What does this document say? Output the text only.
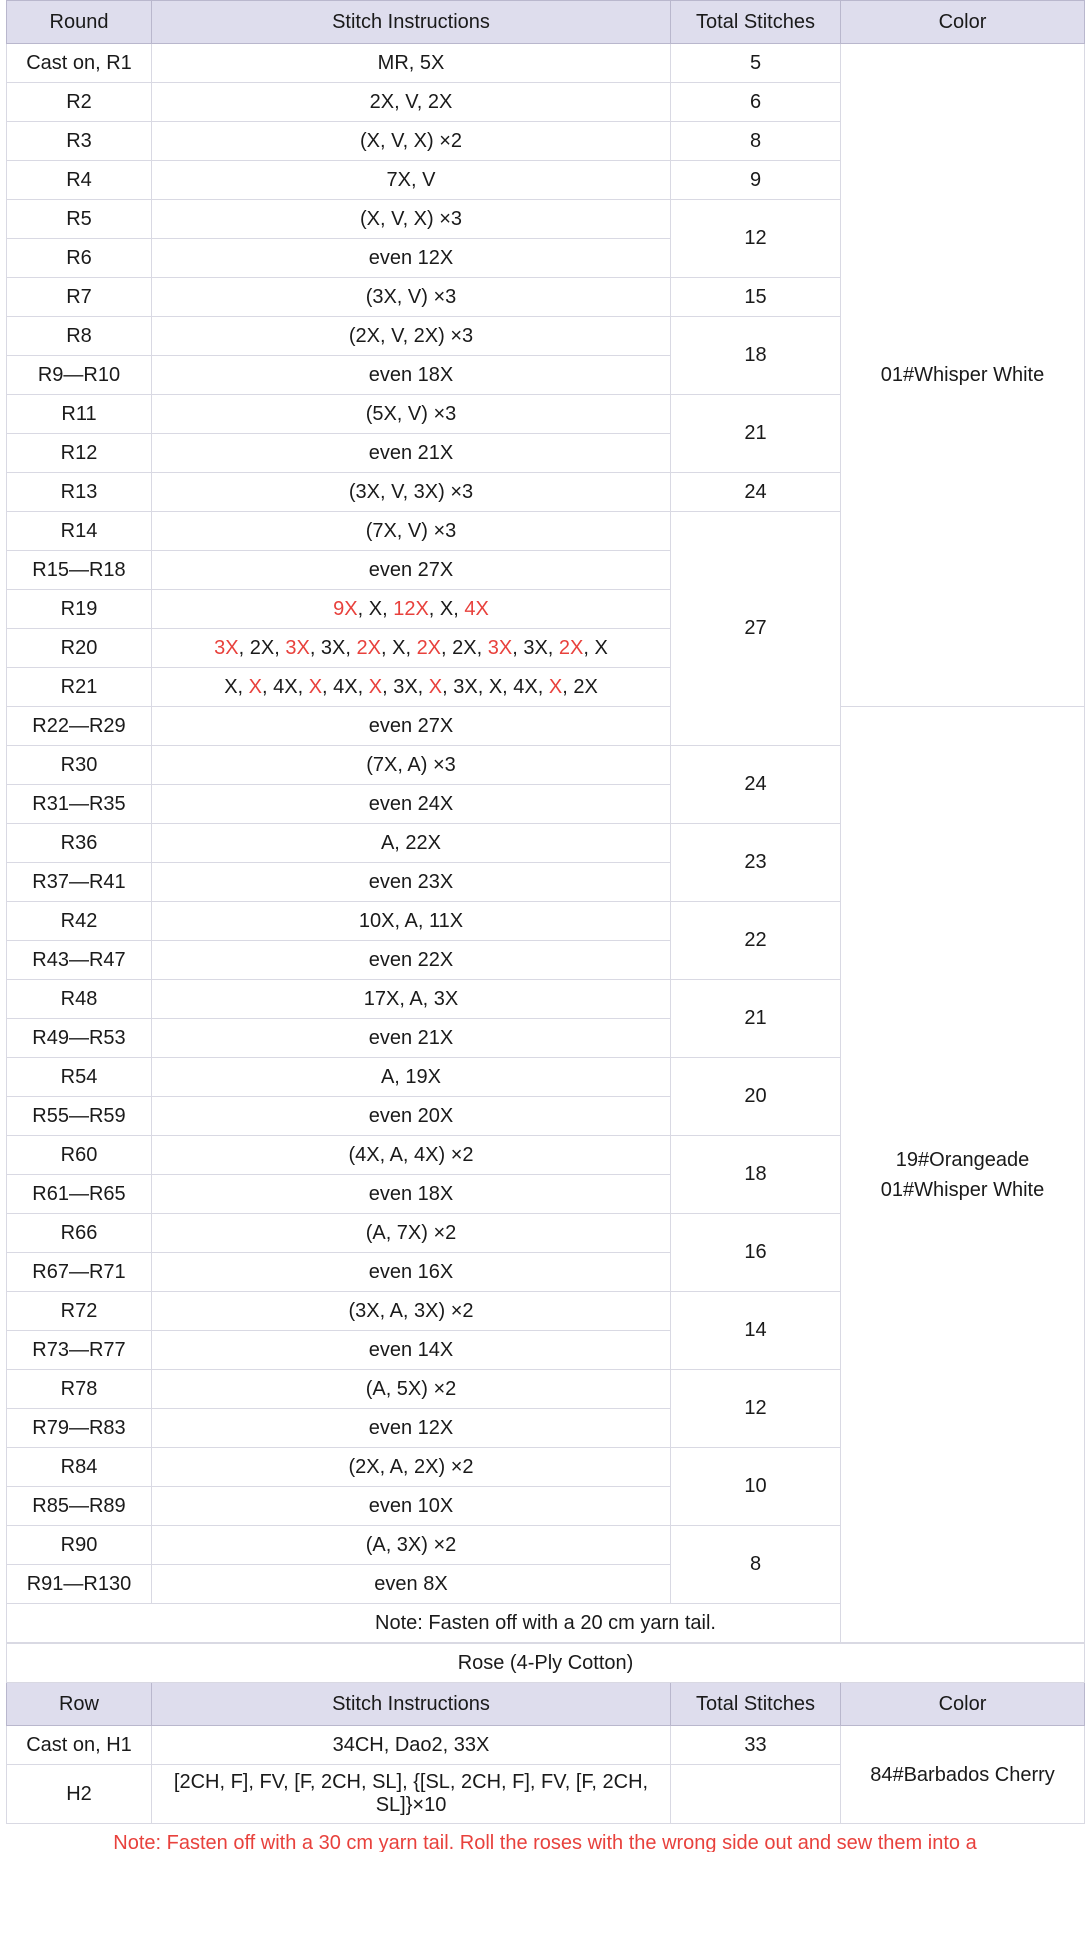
Round	Stitch Instructions	Total Stitches	Color
Cast on, R1	MR, 5X	5	01#Whisper White
R2	2X, V, 2X	6	
R3	(X, V, X) ×2	8	
R4	7X, V	9	
R5	(X, V, X) ×3	12	
R6	even 12X		
R7	(3X, V) ×3	15	
R8	(2X, V, 2X) ×3	18	
R9—R10	even 18X		
R11	(5X, V) ×3	21	
R12	even 21X		
R13	(3X, V, 3X) ×3	24	
R14	(7X, V) ×3	27	
R15—R18	even 27X		
R19	9X, X, 12X, X, 4X		
R20	3X, 2X, 3X, 3X, 2X, X, 2X, 2X, 3X, 3X, 2X, X		
R21	X, X, 4X, X, 4X, X, 3X, X, 3X, X, 4X, X, 2X		
R22—R29	even 27X		19#Orangeade
01#Whisper White
R30	(7X, A) ×3	24	
R31—R35	even 24X		
R36	A, 22X	23	
R37—R41	even 23X		
R42	10X, A, 11X	22	
R43—R47	even 22X		
R48	17X, A, 3X	21	
R49—R53	even 21X		
R54	A, 19X	20	
R55—R59	even 20X		
R60	(4X, A, 4X) ×2	18	
R61—R65	even 18X		
R66	(A, 7X) ×2	16	
R67—R71	even 16X		
R72	(3X, A, 3X) ×2	14	
R73—R77	even 14X		
R78	(A, 5X) ×2	12	
R79—R83	even 12X		
R84	(2X, A, 2X) ×2	10	
R85—R89	even 10X		
R90	(A, 3X) ×2	8	
R91—R130	even 8X		
Note: Fasten off with a 20 cm yarn tail.			
Rose (4-Ply Cotton)			
Row	Stitch Instructions	Total Stitches	Color
Cast on, H1	34CH, Dao2, 33X	33	84#Barbados Cherry
H2	[2CH, F], FV, [F, 2CH, SL], {[SL, 2CH, F], FV, [F, 2CH, SL]}×10		
Note: Fasten off with a 30 cm yarn tail. Roll the roses with the wrong side out and sew them into a
